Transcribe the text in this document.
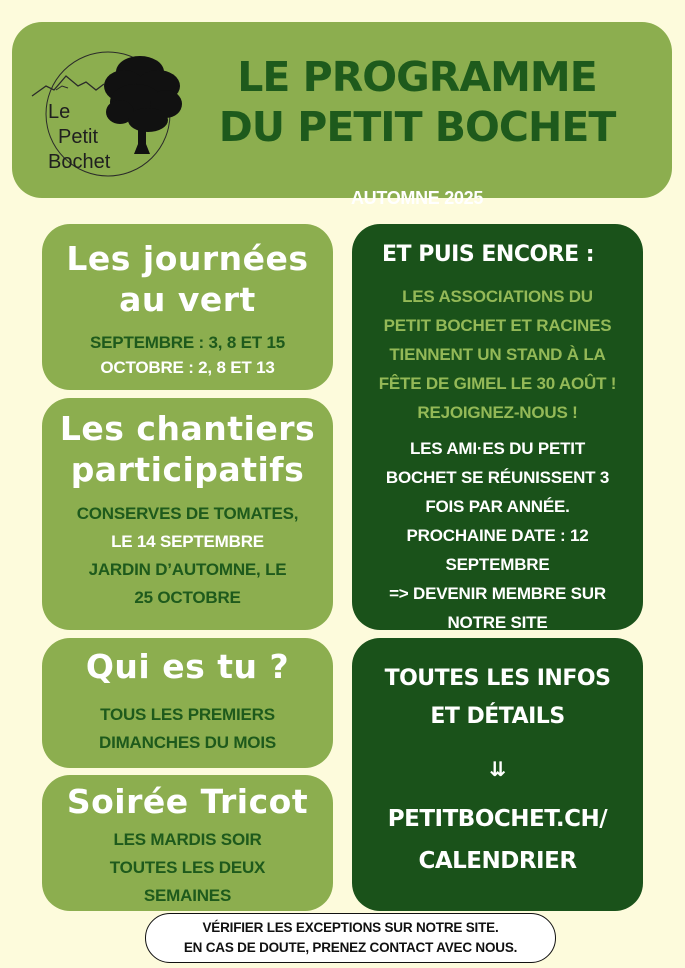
Le
Petit
Bochet
LE PROGRAMME
DU PETIT BOCHET
AUTOMNE 2025
Les journées
au vert
SEPTEMBRE : 3, 8 ET 15
OCTOBRE : 2, 8 ET 13
Les chantiers
participatifs
CONSERVES DE TOMATES,
LE 14 SEPTEMBRE
JARDIN D’AUTOMNE, LE
25 OCTOBRE
Qui es tu ?
TOUS LES PREMIERS
DIMANCHES DU MOIS
Soirée Tricot
LES MARDIS SOIR
TOUTES LES DEUX
SEMAINES
ET PUIS ENCORE :
LES ASSOCIATIONS DU
PETIT BOCHET ET RACINES
TIENNENT UN STAND À LA
FÊTE DE GIMEL LE 30 AOÛT !
REJOIGNEZ-NOUS !
LES AMI·ES DU PETIT
BOCHET SE RÉUNISSENT 3
FOIS PAR ANNÉE.
PROCHAINE DATE : 12
SEPTEMBRE
=> DEVENIR MEMBRE SUR
NOTRE SITE
TOUTES LES INFOS
ET DÉTAILS
⇊
PETITBOCHET.CH/
CALENDRIER
VÉRIFIER LES EXCEPTIONS SUR NOTRE SITE.
EN CAS DE DOUTE, PRENEZ CONTACT AVEC NOUS.
